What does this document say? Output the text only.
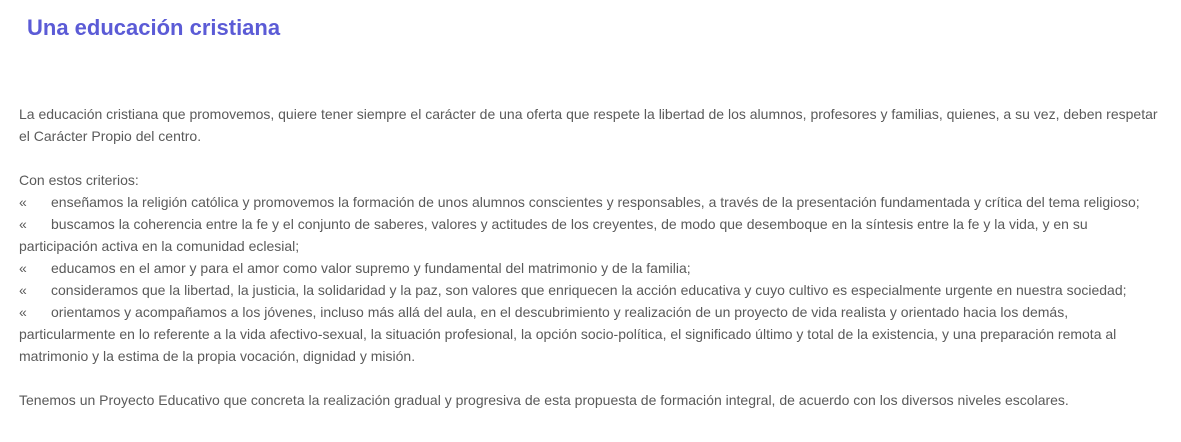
Una educación cristiana

La educación cristiana que promovemos, quiere tener siempre el carácter de una oferta que respete la libertad de los alumnos, profesores y familias, quienes, a su vez, deben respetar el Carácter Propio del centro.

Con estos criterios:

« enseñamos la religión católica y promovemos la formación de unos alumnos conscientes y responsables, a través de la presentación fundamentada y crítica del tema religioso;

« buscamos la coherencia entre la fe y el conjunto de saberes, valores y actitudes de los creyentes, de modo que desemboque en la síntesis entre la fe y la vida, y en su participación activa en la comunidad eclesial;

« educamos en el amor y para el amor como valor supremo y fundamental del matrimonio y de la familia;

« consideramos que la libertad, la justicia, la solidaridad y la paz, son valores que enriquecen la acción educativa y cuyo cultivo es especialmente urgente en nuestra sociedad;

« orientamos y acompañamos a los jóvenes, incluso más allá del aula, en el descubrimiento y realización de un proyecto de vida realista y orientado hacia los demás, particularmente en lo referente a la vida afectivo-sexual, la situación profesional, la opción socio-política, el significado último y total de la existencia, y una preparación remota al matrimonio y la estima de la propia vocación, dignidad y misión.

Tenemos un Proyecto Educativo que concreta la realización gradual y progresiva de esta propuesta de formación integral, de acuerdo con los diversos niveles escolares.
